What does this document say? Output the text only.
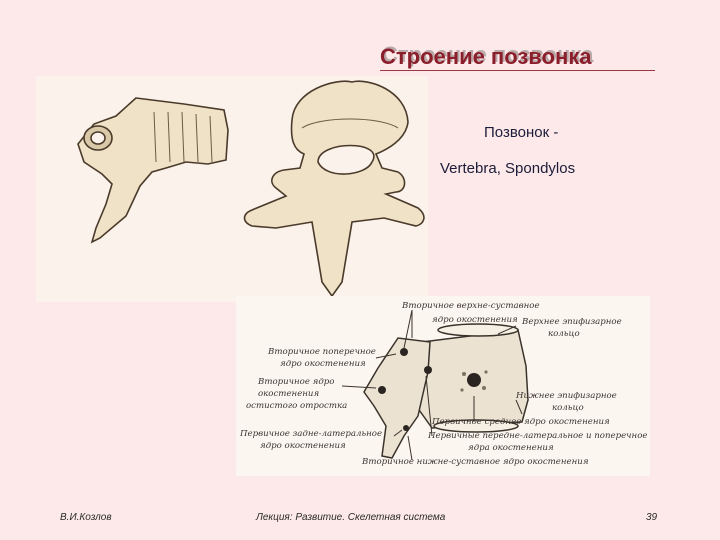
Строение позвонка
Позвонок -
Vertebra, Spondylos
Вторичное верхне-суставное
ядро окостенения Верхнее эпифизарное
кольцо
Вторичное поперечное
ядро окостенения
Вторичное ядро
окостенения
остистого отростка
Нижнее эпифизарное
кольцо
Первичное среднее ядро окостенения
Первичное задне-латеральное
ядро окостенения
Первичные передне-латеральное и поперечное
ядра окостенения
Вторичное нижне-суставное ядро окостенения
В.И.Козлов	Лекция: Развитие. Скелетная система	39
